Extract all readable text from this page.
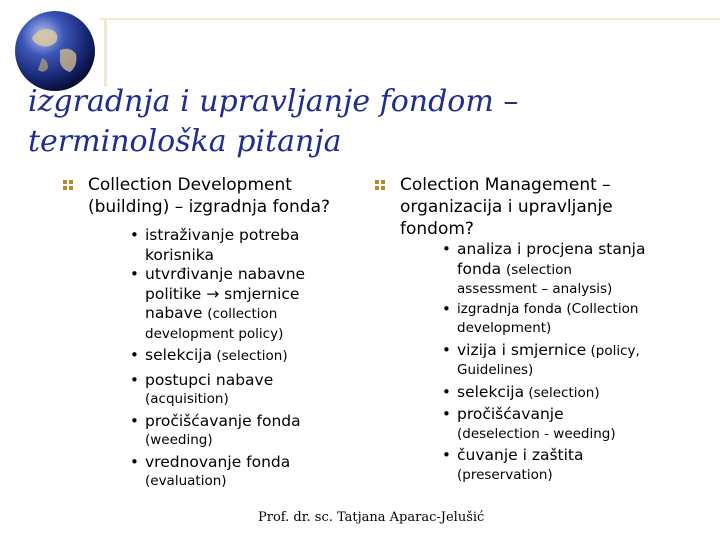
izgradnja i upravljanje fondom –
terminološka pitanja
Collection Development
(building) – izgradnja fonda?
• istraživanje potreba
korisnika
• utvrđivanje nabavne
politike → smjernice
nabave (collection
development policy)
• selekcija (selection)
• postupci nabave
(acquisition)
• pročišćavanje fonda
(weeding)
• vrednovanje fonda
(evaluation)
Colection Management –
organizacija i upravljanje
fondom?
• analiza i procjena stanja
fonda (selection
assessment – analysis)
• izgradnja fonda (Collection
development)
• vizija i smjernice (policy,
Guidelines)
• selekcija (selection)
• pročišćavanje
(deselection - weeding)
• čuvanje i zaštita
(preservation)
Prof. dr. sc. Tatjana Aparac-Jelušić
